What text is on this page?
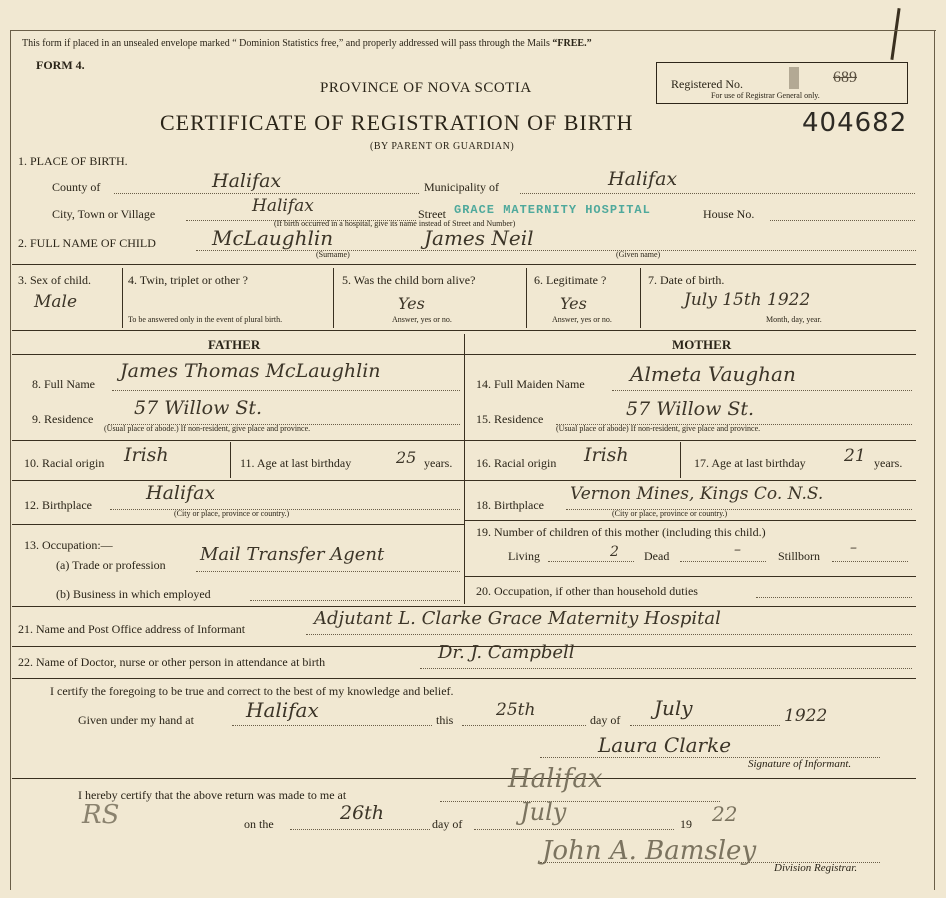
This form if placed in an unsealed envelope marked “ Dominion Statistics free,” and properly addressed will pass through the Mails “FREE.”
FORM 4.
PROVINCE OF NOVA SCOTIA
CERTIFICATE OF REGISTRATION OF BIRTH
(BY PARENT OR GUARDIAN)
Registered No.	689
For use of Registrar General only.
404682
1. PLACE OF BIRTH.
County of	Halifax	Municipality of	Halifax
City, Town or Village	Halifax	Street GRACE MATERNITY HOSPITAL	House No.
(If birth occurred in a hospital, give its name instead of Street and Number)
2. FULL NAME OF CHILD	McLaughlin	James Neil
(Surname)	(Given name)
3. Sex of child.
Male
4. Twin, triplet or other ?
To be answered only in the event of plural birth.
5. Was the child born alive?
Yes
Answer, yes or no.
6. Legitimate ?
Yes
Answer, yes or no.
7. Date of birth.
July 15th 1922
Month, day, year.
FATHER	MOTHER
8. Full Name
James Thomas McLaughlin
9. Residence 57 Willow St.
(Usual place of abode.) If non-resident, give place and province.
10. Racial origin Irish	11. Age at last birthday	25 years.
12. Birthplace
Halifax
(City or place, province or country.)
13. Occupation:—
(a) Trade or profession Mail Transfer Agent
(b) Business in which employed
14. Full Maiden Name Almeta Vaughan
15. Residence	57 Willow St.
(Usual place of abode) If non-resident, give place and province.
16. Racial origin Irish	17. Age at last birthday 21 years.
18. Birthplace
Vernon Mines, Kings Co. N.S.
(City or place, province or country.)
19. Number of children of this mother (including this child.)
Living	2 Dead	–	Stillborn –
20. Occupation, if other than household duties
21. Name and Post Office address of Informant	Adjutant L. Clarke Grace Maternity Hospital
22. Name of Doctor, nurse or other person in attendance at birth	Dr. J. Campbell
I certify the foregoing to be true and correct to the best of my knowledge and belief.
Given under my hand at	Halifax	this	25th	day of July	1922
Laura Clarke
Signature of Informant.
I hereby certify that the above return was made to me at
Halifax
RS	on the	26th	day of July	19 22
John A. Bamsley
Division Registrar.
